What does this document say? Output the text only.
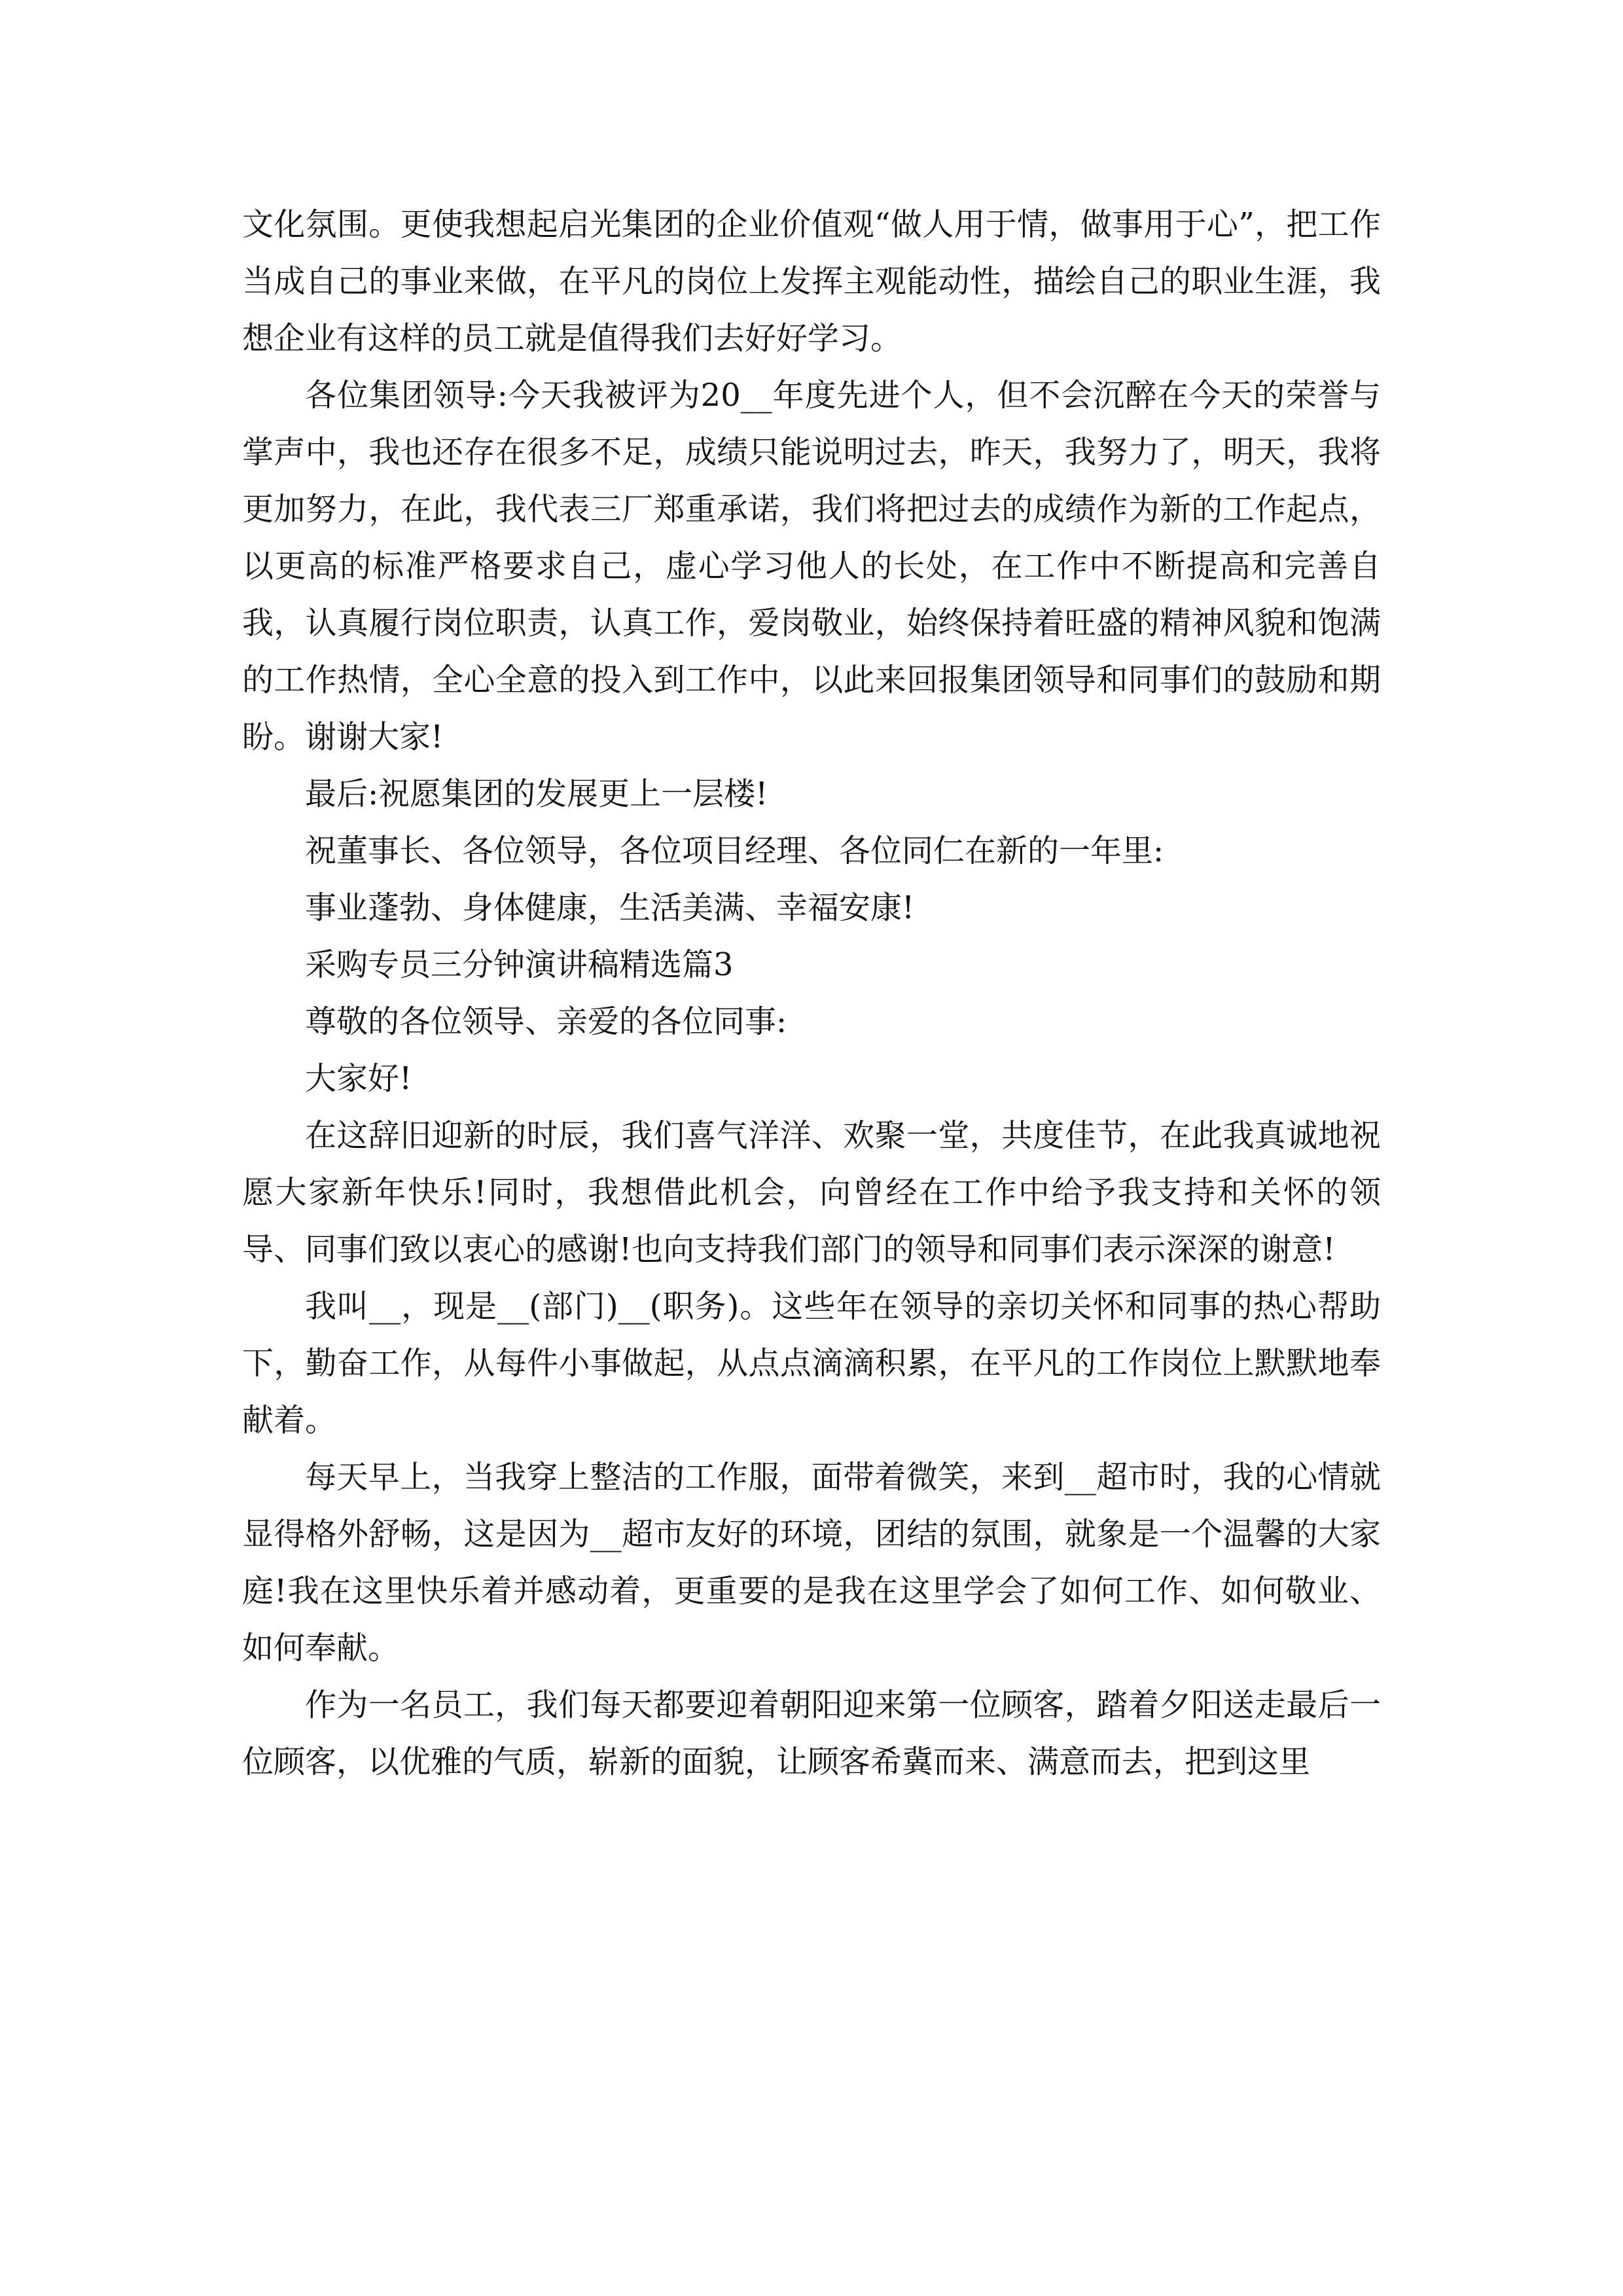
文化氛围。更使我想起启光集团的企业价值观“做人用于情，做事用于心”，把工作当成自己的事业来做，在平凡的岗位上发挥主观能动性，描绘自己的职业生涯，我想企业有这样的员工就是值得我们去好好学习。

各位集团领导:今天我被评为20__年度先进个人，但不会沉醉在今天的荣誉与掌声中，我也还存在很多不足，成绩只能说明过去，昨天，我努力了，明天，我将更加努力，在此，我代表三厂郑重承诺，我们将把过去的成绩作为新的工作起点，以更高的标准严格要求自己，虚心学习他人的长处，在工作中不断提高和完善自我，认真履行岗位职责，认真工作，爱岗敬业，始终保持着旺盛的精神风貌和饱满的工作热情，全心全意的投入到工作中，以此来回报集团领导和同事们的鼓励和期盼。谢谢大家!

最后:祝愿集团的发展更上一层楼!

祝董事长、各位领导，各位项目经理、各位同仁在新的一年里:

事业蓬勃、身体健康，生活美满、幸福安康!

采购专员三分钟演讲稿精选篇3

尊敬的各位领导、亲爱的各位同事:

大家好!

在这辞旧迎新的时辰，我们喜气洋洋、欢聚一堂，共度佳节，在此我真诚地祝愿大家新年快乐!同时，我想借此机会，向曾经在工作中给予我支持和关怀的领导、同事们致以衷心的感谢!也向支持我们部门的领导和同事们表示深深的谢意!

我叫__，现是__(部门)__(职务)。这些年在领导的亲切关怀和同事的热心帮助下，勤奋工作，从每件小事做起，从点点滴滴积累，在平凡的工作岗位上默默地奉献着。

每天早上，当我穿上整洁的工作服，面带着微笑，来到__超市时，我的心情就显得格外舒畅，这是因为__超市友好的环境，团结的氛围，就象是一个温馨的大家庭!我在这里快乐着并感动着，更重要的是我在这里学会了如何工作、如何敬业、如何奉献。

作为一名员工，我们每天都要迎着朝阳迎来第一位顾客，踏着夕阳送走最后一位顾客，以优雅的气质，崭新的面貌，让顾客希冀而来、满意而去，把到这里
